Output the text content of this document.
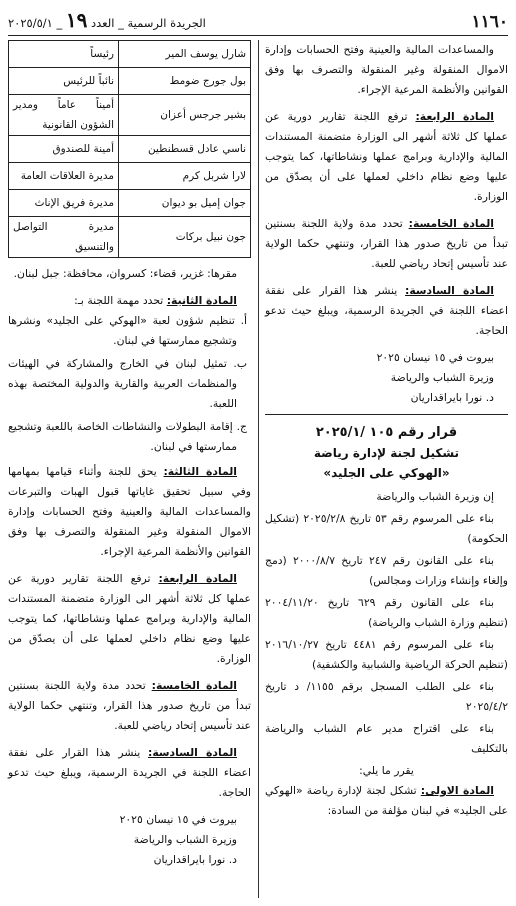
١١٦٠
الجريدة الرسمية _ العدد ١٩ _ ٢٠٢٥/٥/١

والمساعدات المالية والعينية وفتح الحسابات وإدارة الاموال المنقولة وغير المنقولة والتصرف بها وفق القوانين والأنظمة المرعية الإجراء.

المادة الرابعة: ترفع اللجنة تقارير دورية عن عملها كل ثلاثة أشهر الى الوزارة متضمنة المستندات المالية والإدارية وبرامج عملها ونشاطاتها، كما يتوجب عليها وضع نظام داخلي لعملها على أن يصدّق من الوزارة.

المادة الخامسة: تحدد مدة ولاية اللجنة بسنتين تبدأ من تاريخ صدور هذا القرار، وتنتهي حكما الولاية عند تأسيس إتحاد رياضي للعبة.

المادة السادسة: ينشر هذا القرار على نفقة اعضاء اللجنة في الجريدة الرسمية، ويبلغ حيث تدعو الحاجة.

بيروت في ١٥ نيسان ٢٠٢٥

وزيرة الشباب والرياضة

د. نورا بايراقداريان

قرار رقم ١٠٥ /٢٠٢٥/١

تشكيل لجنة لإدارة رياضة

«الهوكي على الجليد»

إن وزيرة الشباب والرياضة

بناء على المرسوم رقم ٥٣ تاريخ ٢٠٢٥/٢/٨ (تشكيل الحكومة)

بناء على القانون رقم ٢٤٧ تاريخ ٢٠٠٠/٨/٧ (دمج وإلغاء وإنشاء وزارات ومجالس)

بناء على القانون رقم ٦٢٩ تاريخ ٢٠٠٤/١١/٢٠ (تنظيم وزارة الشباب والرياضة)

بناء على المرسوم رقم ٤٤٨١ تاريخ ٢٠١٦/١٠/٢٧ (تنظيم الحركة الرياضية والشبابية والكشفية)

بناء على الطلب المسجل برقم ١١٥٥/ د تاريخ ٢٠٢٥/٤/٢

بناء على اقتراح مدير عام الشباب والرياضة بالتكليف

يقرر ما يلي:

المادة الاولى: تشكل لجنة لإدارة رياضة «الهوكي على الجليد» في لبنان مؤلفة من السادة:

شارل يوسف المير	رئيساً
بول جورج ضومط	نائباً للرئيس
بشير جرجس أعزان	أميناً عاماً ومدير الشؤون القانونية
ناسي عادل قسطنطين	أمينة للصندوق
لارا شربل كرم	مديرة العلاقات العامة
جوان إميل بو ديوان	مديرة فريق الإناث
جون نبيل بركات	مديرة التواصل والتنسيق

مقرها: غزير، قضاء: كسروان، محافظة: جبل لبنان.

المادة الثانية: تحدد مهمة اللجنة بـ:

أ. تنظيم شؤون لعبة «الهوكي على الجليد» ونشرها وتشجيع ممارستها في لبنان.

ب. تمثيل لبنان في الخارج والمشاركة في الهيئات والمنظمات العربية والقارية والدولية المختصة بهذه اللعبة.

ج. إقامة البطولات والنشاطات الخاصة باللعبة وتشجيع ممارستها في لبنان.

المادة الثالثة: يحق للجنة وأثناء قيامها بمهامها وفي سبيل تحقيق غاياتها قبول الهبات والتبرعات والمساعدات المالية والعينية وفتح الحسابات وإدارة الاموال المنقولة وغير المنقولة والتصرف بها وفق القوانين والأنظمة المرعية الإجراء.

المادة الرابعة: ترفع اللجنة تقارير دورية عن عملها كل ثلاثة أشهر الى الوزارة متضمنة المستندات المالية والإدارية وبرامج عملها ونشاطاتها، كما يتوجب عليها وضع نظام داخلي لعملها على أن يصدّق من الوزارة.

المادة الخامسة: تحدد مدة ولاية اللجنة بسنتين تبدأ من تاريخ صدور هذا القرار، وتنتهي حكما الولاية عند تأسيس إتحاد رياضي للعبة.

المادة السادسة: ينشر هذا القرار على نفقة اعضاء اللجنة في الجريدة الرسمية، ويبلغ حيث تدعو الحاجة.

بيروت في ١٥ نيسان ٢٠٢٥

وزيرة الشباب والرياضة

د. نورا بايراقداريان
